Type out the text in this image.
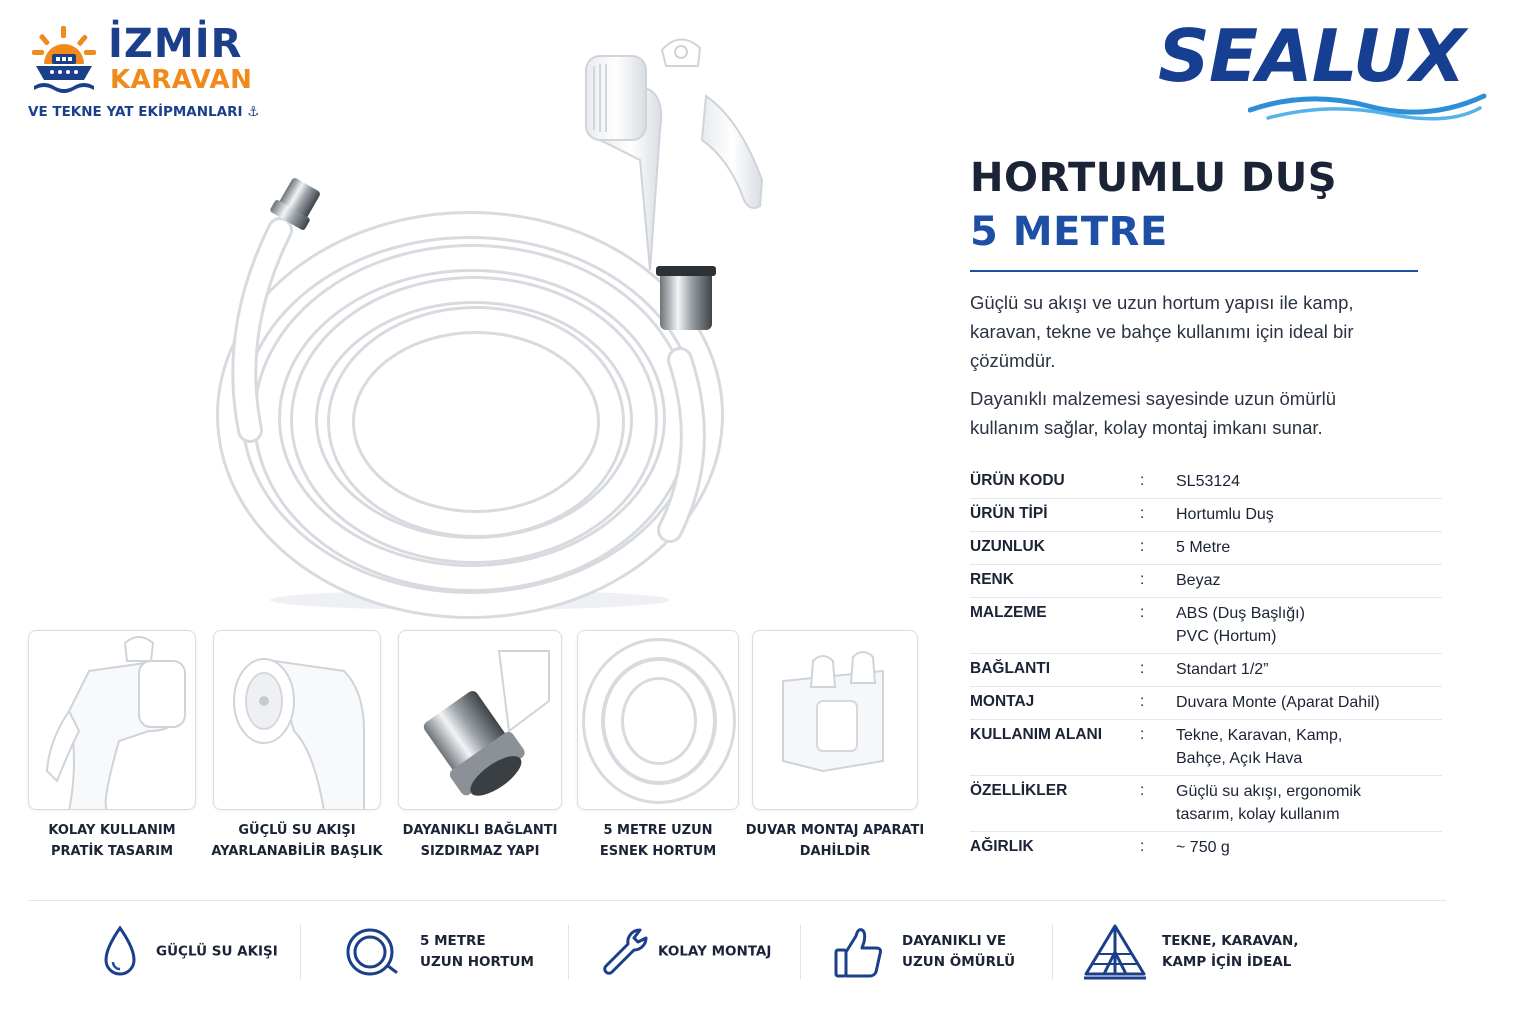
İZMİR
KARAVAN
VE TEKNE YAT EKİPMANLARI ⚓
SEALUX
HORTUMLU DUŞ
5 METRE
Güçlü su akışı ve uzun hortum yapısı ile kamp, karavan, tekne ve bahçe kullanımı için ideal bir çözümdür.
Dayanıklı malzemesi sayesinde uzun ömürlü kullanım sağlar, kolay montaj imkanı sunar.
ÜRÜN KODU	:	SL53124
ÜRÜN TİPİ	:	Hortumlu Duş
UZUNLUK	:	5 Metre
RENK	:	Beyaz
MALZEME	:	ABS (Duş Başlığı)
PVC (Hortum)
BAĞLANTI	:	Standart 1/2”
MONTAJ	:	Duvara Monte (Aparat Dahil)
KULLANIM ALANI	:	Tekne, Karavan, Kamp,
Bahçe, Açık Hava
ÖZELLİKLER	:	Güçlü su akışı, ergonomik
tasarım, kolay kullanım
AĞIRLIK	:	~ 750 g
KOLAY KULLANIM
PRATİK TASARIM
GÜÇLÜ SU AKIŞI
AYARLANABİLİR BAŞLIK
DAYANIKLI BAĞLANTI
SIZDIRMAZ YAPI
5 METRE UZUN
ESNEK HORTUM
DUVAR MONTAJ APARATI
DAHİLDİR
GÜÇLÜ SU AKIŞI
5 METRE
UZUN HORTUM
KOLAY MONTAJ
DAYANIKLI VE
UZUN ÖMÜRLÜ
TEKNE, KARAVAN,
KAMP İÇİN İDEAL
